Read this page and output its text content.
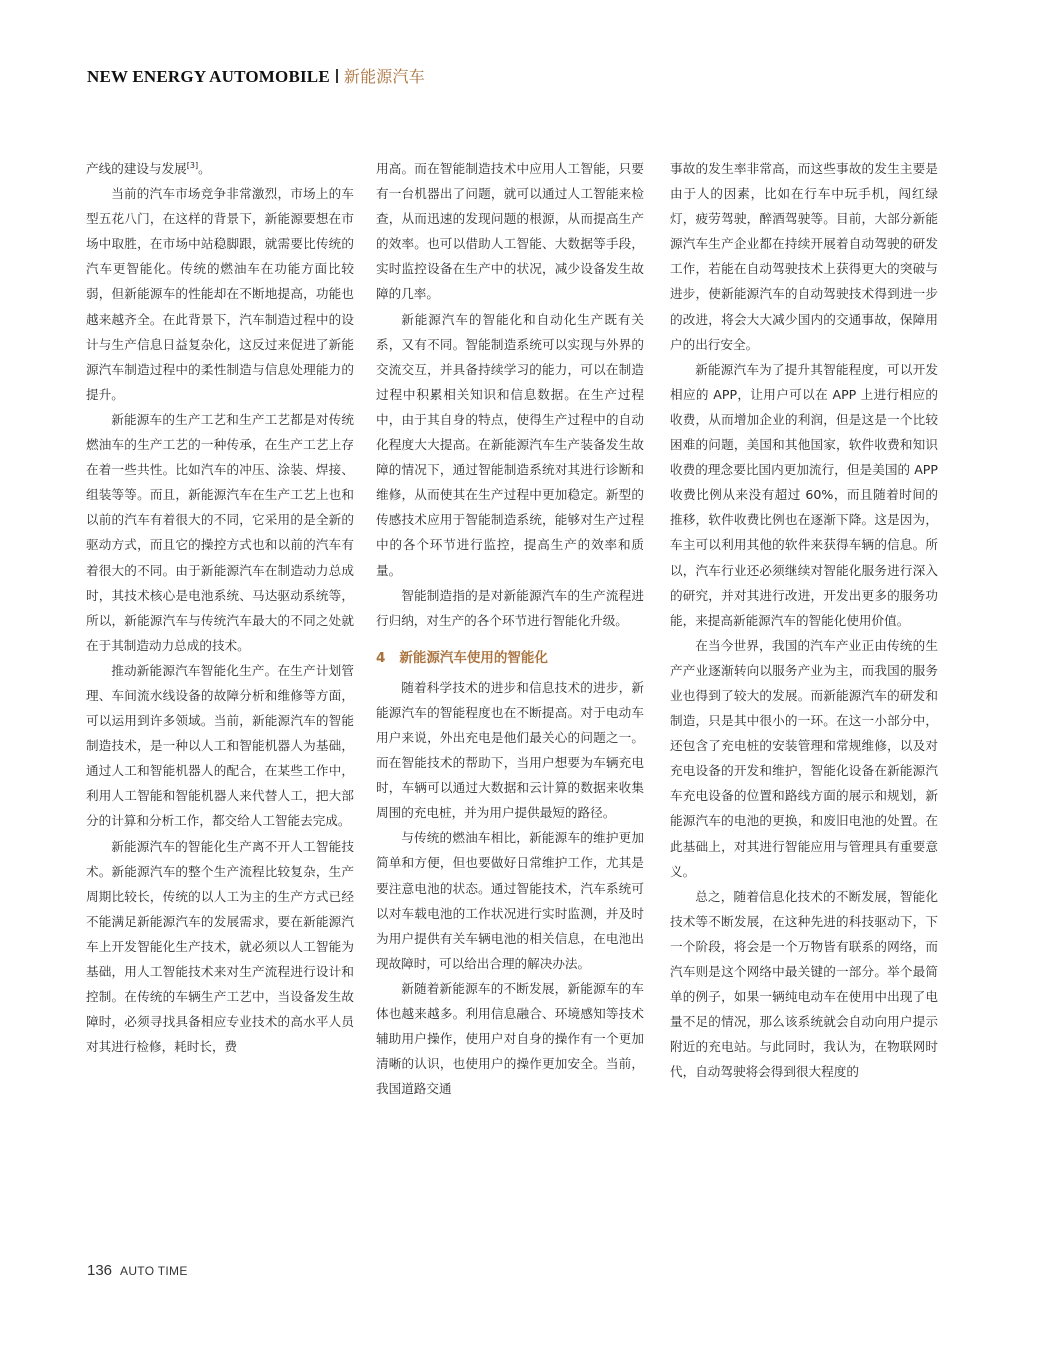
NEW ENERGY AUTOMOBILE 新能源汽车

产线的建设与发展[3]。

当前的汽车市场竞争非常激烈，市场上的车型五花八门，在这样的背景下，新能源要想在市场中取胜，在市场中站稳脚跟，就需要比传统的汽车更智能化。传统的燃油车在功能方面比较弱，但新能源车的性能却在不断地提高，功能也越来越齐全。在此背景下，汽车制造过程中的设计与生产信息日益复杂化，这反过来促进了新能源汽车制造过程中的柔性制造与信息处理能力的提升。

新能源车的生产工艺和生产工艺都是对传统燃油车的生产工艺的一种传承，在生产工艺上存在着一些共性。比如汽车的冲压、涂装、焊接、组装等等。而且，新能源汽车在生产工艺上也和以前的汽车有着很大的不同，它采用的是全新的驱动方式，而且它的操控方式也和以前的汽车有着很大的不同。由于新能源汽车在制造动力总成时，其技术核心是电池系统、马达驱动系统等，所以，新能源汽车与传统汽车最大的不同之处就在于其制造动力总成的技术。

推动新能源汽车智能化生产。在生产计划管理、车间流水线设备的故障分析和维修等方面，可以运用到许多领域。当前，新能源汽车的智能制造技术，是一种以人工和智能机器人为基础，通过人工和智能机器人的配合，在某些工作中，利用人工智能和智能机器人来代替人工，把大部分的计算和分析工作，都交给人工智能去完成。

新能源汽车的智能化生产离不开人工智能技术。新能源汽车的整个生产流程比较复杂，生产周期比较长，传统的以人工为主的生产方式已经不能满足新能源汽车的发展需求，要在新能源汽车上开发智能化生产技术，就必须以人工智能为基础，用人工智能技术来对生产流程进行设计和控制。在传统的车辆生产工艺中，当设备发生故障时，必须寻找具备相应专业技术的高水平人员对其进行检修，耗时长，费

用高。而在智能制造技术中应用人工智能，只要有一台机器出了问题，就可以通过人工智能来检查，从而迅速的发现问题的根源，从而提高生产的效率。也可以借助人工智能、大数据等手段，实时监控设备在生产中的状况，减少设备发生故障的几率。

新能源汽车的智能化和自动化生产既有关系，又有不同。智能制造系统可以实现与外界的交流交互，并具备持续学习的能力，可以在制造过程中积累相关知识和信息数据。在生产过程中，由于其自身的特点，使得生产过程中的自动化程度大大提高。在新能源汽车生产装备发生故障的情况下，通过智能制造系统对其进行诊断和维修，从而使其在生产过程中更加稳定。新型的传感技术应用于智能制造系统，能够对生产过程中的各个环节进行监控，提高生产的效率和质量。

智能制造指的是对新能源汽车的生产流程进行归纳，对生产的各个环节进行智能化升级。

4 新能源汽车使用的智能化

随着科学技术的进步和信息技术的进步，新能源汽车的智能程度也在不断提高。对于电动车用户来说，外出充电是他们最关心的问题之一。而在智能技术的帮助下，当用户想要为车辆充电时，车辆可以通过大数据和云计算的数据来收集周围的充电桩，并为用户提供最短的路径。

与传统的燃油车相比，新能源车的维护更加简单和方便，但也要做好日常维护工作，尤其是要注意电池的状态。通过智能技术，汽车系统可以对车载电池的工作状况进行实时监测，并及时为用户提供有关车辆电池的相关信息，在电池出现故障时，可以给出合理的解决办法。

新随着新能源车的不断发展，新能源车的车体也越来越多。利用信息融合、环境感知等技术辅助用户操作，使用户对自身的操作有一个更加清晰的认识，也使用户的操作更加安全。当前，我国道路交通

事故的发生率非常高，而这些事故的发生主要是由于人的因素，比如在行车中玩手机，闯红绿灯，疲劳驾驶，醉酒驾驶等。目前，大部分新能源汽车生产企业都在持续开展着自动驾驶的研发工作，若能在自动驾驶技术上获得更大的突破与进步，使新能源汽车的自动驾驶技术得到进一步的改进，将会大大减少国内的交通事故，保障用户的出行安全。

新能源汽车为了提升其智能程度，可以开发相应的 APP，让用户可以在 APP 上进行相应的收费，从而增加企业的利润，但是这是一个比较困难的问题，美国和其他国家，软件收费和知识收费的理念要比国内更加流行，但是美国的 APP 收费比例从来没有超过 60%，而且随着时间的推移，软件收费比例也在逐渐下降。这是因为，车主可以利用其他的软件来获得车辆的信息。所以，汽车行业还必须继续对智能化服务进行深入的研究，并对其进行改进，开发出更多的服务功能，来提高新能源汽车的智能化使用价值。

在当今世界，我国的汽车产业正由传统的生产产业逐渐转向以服务产业为主，而我国的服务业也得到了较大的发展。而新能源汽车的研发和制造，只是其中很小的一环。在这一小部分中，还包含了充电桩的安装管理和常规维修，以及对充电设备的开发和维护，智能化设备在新能源汽车充电设备的位置和路线方面的展示和规划，新能源汽车的电池的更换，和废旧电池的处置。在此基础上，对其进行智能应用与管理具有重要意义。

总之，随着信息化技术的不断发展，智能化技术等不断发展，在这种先进的科技驱动下，下一个阶段，将会是一个万物皆有联系的网络，而汽车则是这个网络中最关键的一部分。举个最简单的例子，如果一辆纯电动车在使用中出现了电量不足的情况，那么该系统就会自动向用户提示附近的充电站。与此同时，我认为，在物联网时代，自动驾驶将会得到很大程度的

136 AUTO TIME
